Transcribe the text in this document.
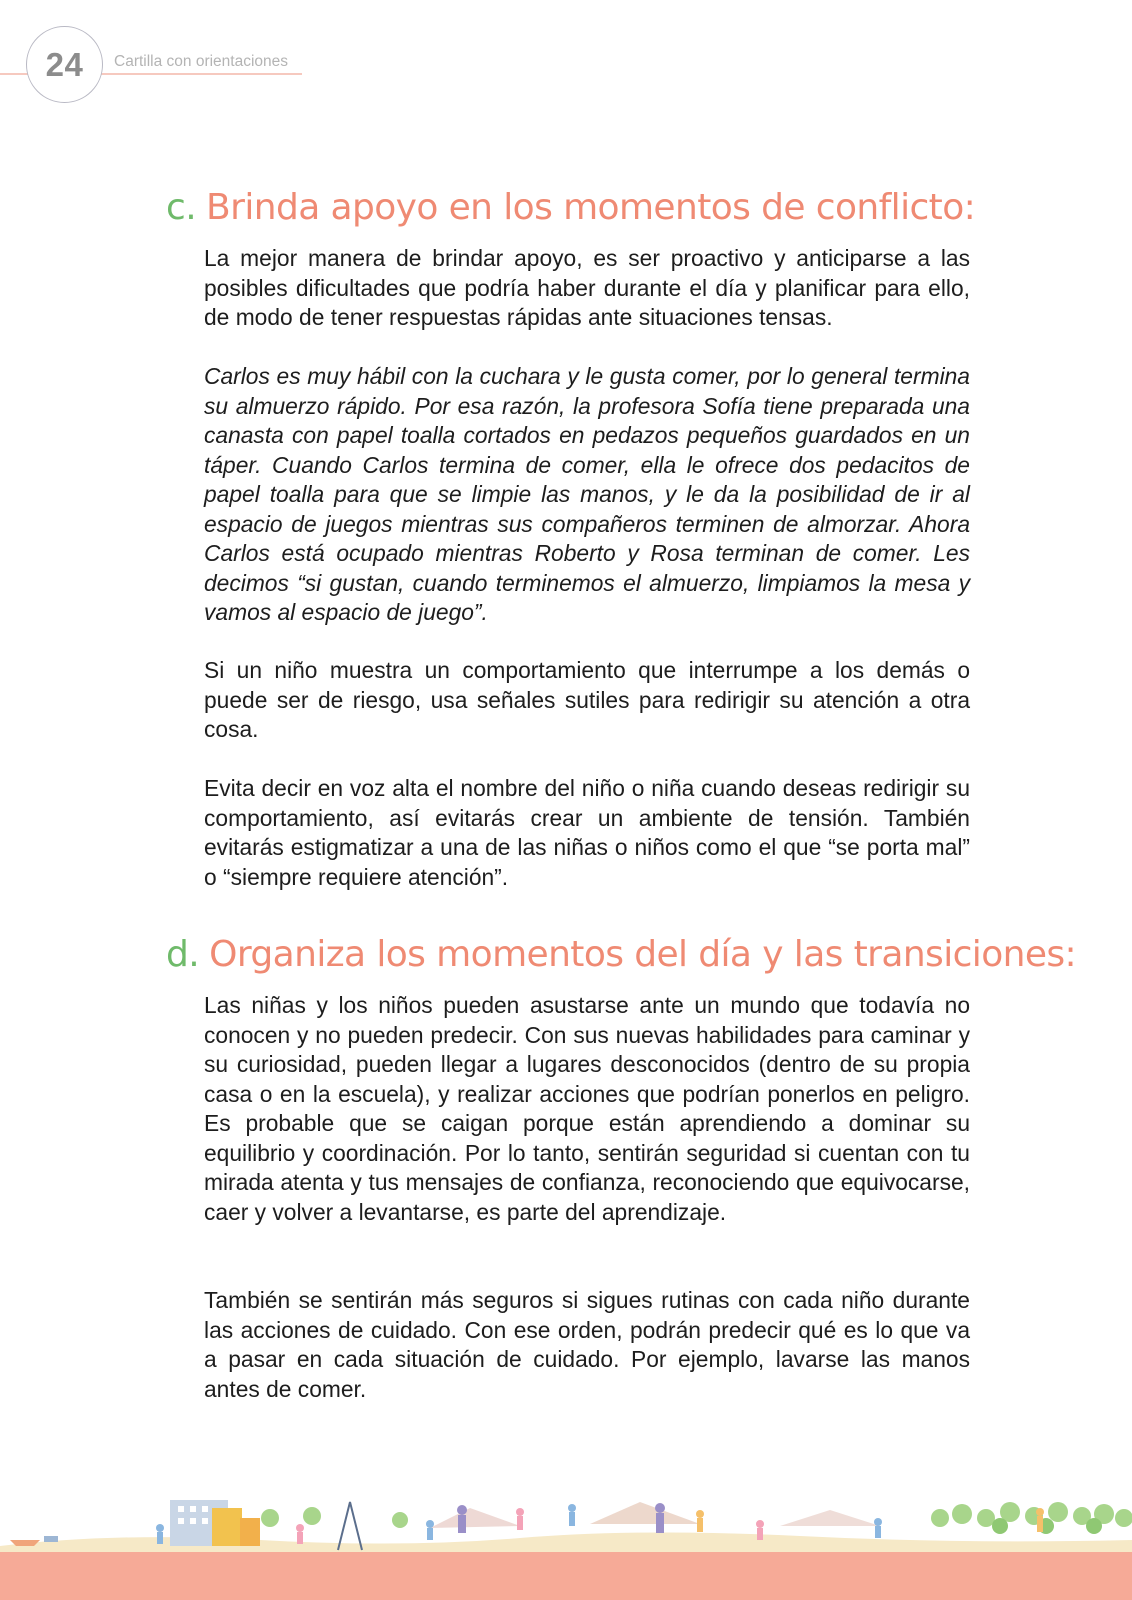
24 Cartilla con orientaciones
c. Brinda apoyo en los momentos de conflicto:

La mejor manera de brindar apoyo, es ser proactivo y anticiparse a las posibles dificultades que podría haber durante el día y planificar para ello, de modo de tener respuestas rápidas ante situaciones tensas.

Carlos es muy hábil con la cuchara y le gusta comer, por lo general termina su almuerzo rápido. Por esa razón, la profesora Sofía tiene preparada una canasta con papel toalla cortados en pedazos pequeños guardados en un táper. Cuando Carlos termina de comer, ella le ofrece dos pedacitos de papel toalla para que se limpie las manos, y le da la posibilidad de ir al espacio de juegos mientras sus compañeros terminen de almorzar. Ahora Carlos está ocupado mientras Roberto y Rosa terminan de comer. Les decimos “si gustan, cuando terminemos el almuerzo, limpiamos la mesa y vamos al espacio de juego”.

Si un niño muestra un comportamiento que interrumpe a los demás o puede ser de riesgo, usa señales sutiles para redirigir su atención a otra cosa.

Evita decir en voz alta el nombre del niño o niña cuando deseas redirigir su comportamiento, así evitarás crear un ambiente de tensión. También evitarás estigmatizar a una de las niñas o niños como el que “se porta mal” o “siempre requiere atención”.

d. Organiza los momentos del día y las transiciones:

Las niñas y los niños pueden asustarse ante un mundo que todavía no conocen y no pueden predecir. Con sus nuevas habilidades para caminar y su curiosidad, pueden llegar a lugares desconocidos (dentro de su propia casa o en la escuela), y realizar acciones que podrían ponerlos en peligro. Es probable que se caigan porque están aprendiendo a dominar su equilibrio y coordinación. Por lo tanto, sentirán seguridad si cuentan con tu mirada atenta y tus mensajes de confianza, reconociendo que equivocarse, caer y volver a levantarse, es parte del aprendizaje.

También se sentirán más seguros si sigues rutinas con cada niño durante las acciones de cuidado. Con ese orden, podrán predecir qué es lo que va a pasar en cada situación de cuidado. Por ejemplo, lavarse las manos antes de comer.
